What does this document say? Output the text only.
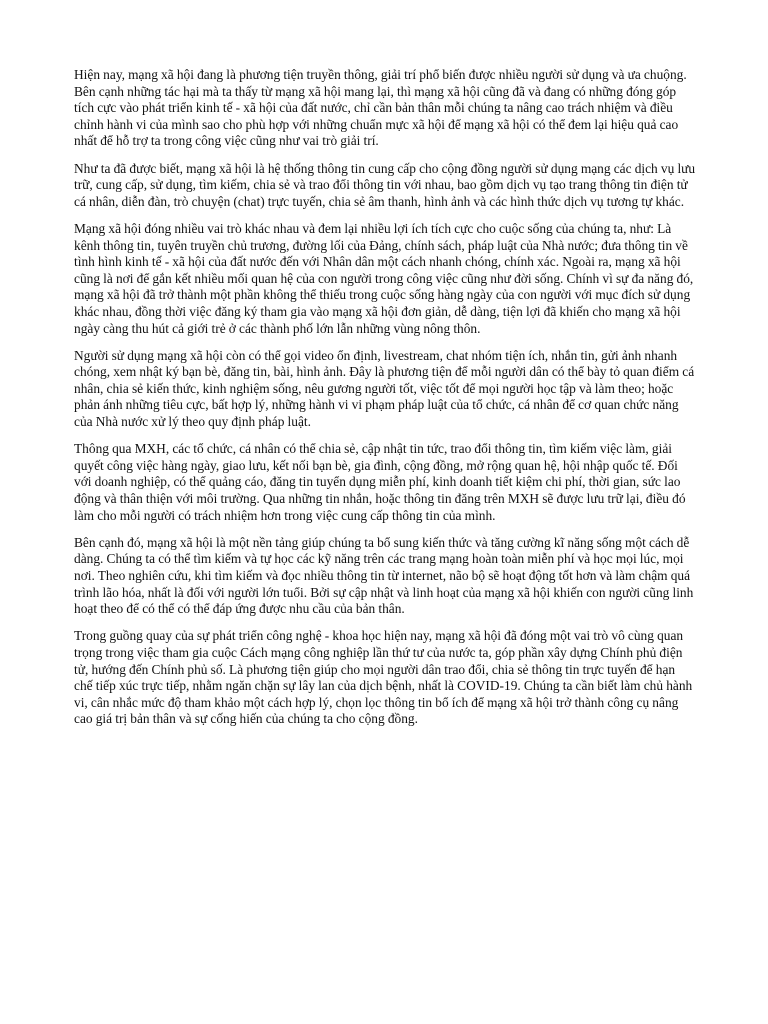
Hiện nay, mạng xã hội đang là phương tiện truyền thông, giải trí phổ biến được nhiều người sử dụng và ưa chuộng. Bên cạnh những tác hại mà ta thấy từ mạng xã hội mang lại, thì mạng xã hội cũng đã và đang có những đóng góp tích cực vào phát triển kinh tế - xã hội của đất nước, chỉ cần bản thân mỗi chúng ta nâng cao trách nhiệm và điều chỉnh hành vi của mình sao cho phù hợp với những chuẩn mực xã hội để mạng xã hội có thể đem lại hiệu quả cao nhất để hỗ trợ ta trong công việc cũng như vai trò giải trí.

Như ta đã được biết, mạng xã hội là hệ thống thông tin cung cấp cho cộng đồng người sử dụng mạng các dịch vụ lưu trữ, cung cấp, sử dụng, tìm kiếm, chia sẻ và trao đổi thông tin với nhau, bao gồm dịch vụ tạo trang thông tin điện tử cá nhân, diễn đàn, trò chuyện (chat) trực tuyến, chia sẻ âm thanh, hình ảnh và các hình thức dịch vụ tương tự khác.

Mạng xã hội đóng nhiều vai trò khác nhau và đem lại nhiều lợi ích tích cực cho cuộc sống của chúng ta, như: Là kênh thông tin, tuyên truyền chủ trương, đường lối của Đảng, chính sách, pháp luật của Nhà nước; đưa thông tin về tình hình kinh tế - xã hội của đất nước đến với Nhân dân một cách nhanh chóng, chính xác. Ngoài ra, mạng xã hội cũng là nơi để gắn kết nhiều mối quan hệ của con người trong công việc cũng như đời sống. Chính vì sự đa năng đó, mạng xã hội đã trở thành một phần không thể thiếu trong cuộc sống hàng ngày của con người với mục đích sử dụng khác nhau, đồng thời việc đăng ký tham gia vào mạng xã hội đơn giản, dễ dàng, tiện lợi đã khiến cho mạng xã hội ngày càng thu hút cả giới trẻ ở các thành phố lớn lẫn những vùng nông thôn.

Người sử dụng mạng xã hội còn có thể gọi video ổn định, livestream, chat nhóm tiện ích, nhắn tin, gửi ảnh nhanh chóng, xem nhật ký bạn bè, đăng tin, bài, hình ảnh. Đây là phương tiện để mỗi người dân có thể bày tỏ quan điểm cá nhân, chia sẻ kiến thức, kinh nghiệm sống, nêu gương người tốt, việc tốt để mọi người học tập và làm theo; hoặc phản ánh những tiêu cực, bất hợp lý, những hành vi vi phạm pháp luật của tổ chức, cá nhân để cơ quan chức năng của Nhà nước xử lý theo quy định pháp luật.

Thông qua MXH, các tổ chức, cá nhân có thể chia sẻ, cập nhật tin tức, trao đổi thông tin, tìm kiếm việc làm, giải quyết công việc hàng ngày, giao lưu, kết nối bạn bè, gia đình, cộng đồng, mở rộng quan hệ, hội nhập quốc tế. Đối với doanh nghiệp, có thể quảng cáo, đăng tin tuyển dụng miễn phí, kinh doanh tiết kiệm chi phí, thời gian, sức lao động và thân thiện với môi trường. Qua những tin nhắn, hoặc thông tin đăng trên MXH sẽ được lưu trữ lại, điều đó làm cho mỗi người có trách nhiệm hơn trong việc cung cấp thông tin của mình.

Bên cạnh đó, mạng xã hội là một nền tảng giúp chúng ta bổ sung kiến thức và tăng cường kĩ năng sống một cách dễ dàng. Chúng ta có thể tìm kiếm và tự học các kỹ năng trên các trang mạng hoàn toàn miễn phí và học mọi lúc, mọi nơi. Theo nghiên cứu, khi tìm kiếm và đọc nhiều thông tin từ internet, não bộ sẽ hoạt động tốt hơn và làm chậm quá trình lão hóa, nhất là đối với người lớn tuổi. Bởi sự cập nhật và linh hoạt của mạng xã hội khiến con người cũng linh hoạt theo để có thể có thể đáp ứng được nhu cầu của bản thân.

Trong guồng quay của sự phát triển công nghệ - khoa học hiện nay, mạng xã hội đã đóng một vai trò vô cùng quan trọng trong việc tham gia cuộc Cách mạng công nghiệp lần thứ tư của nước ta, góp phần xây dựng Chính phủ điện tử, hướng đến Chính phủ số. Là phương tiện giúp cho mọi người dân trao đổi, chia sẻ thông tin trực tuyến để hạn chế tiếp xúc trực tiếp, nhằm ngăn chặn sự lây lan của dịch bệnh, nhất là COVID-19. Chúng ta cần biết làm chủ hành vi, cân nhắc mức độ tham khảo một cách hợp lý, chọn lọc thông tin bổ ích để mạng xã hội trở thành công cụ nâng cao giá trị bản thân và sự cống hiến của chúng ta cho cộng đồng.
